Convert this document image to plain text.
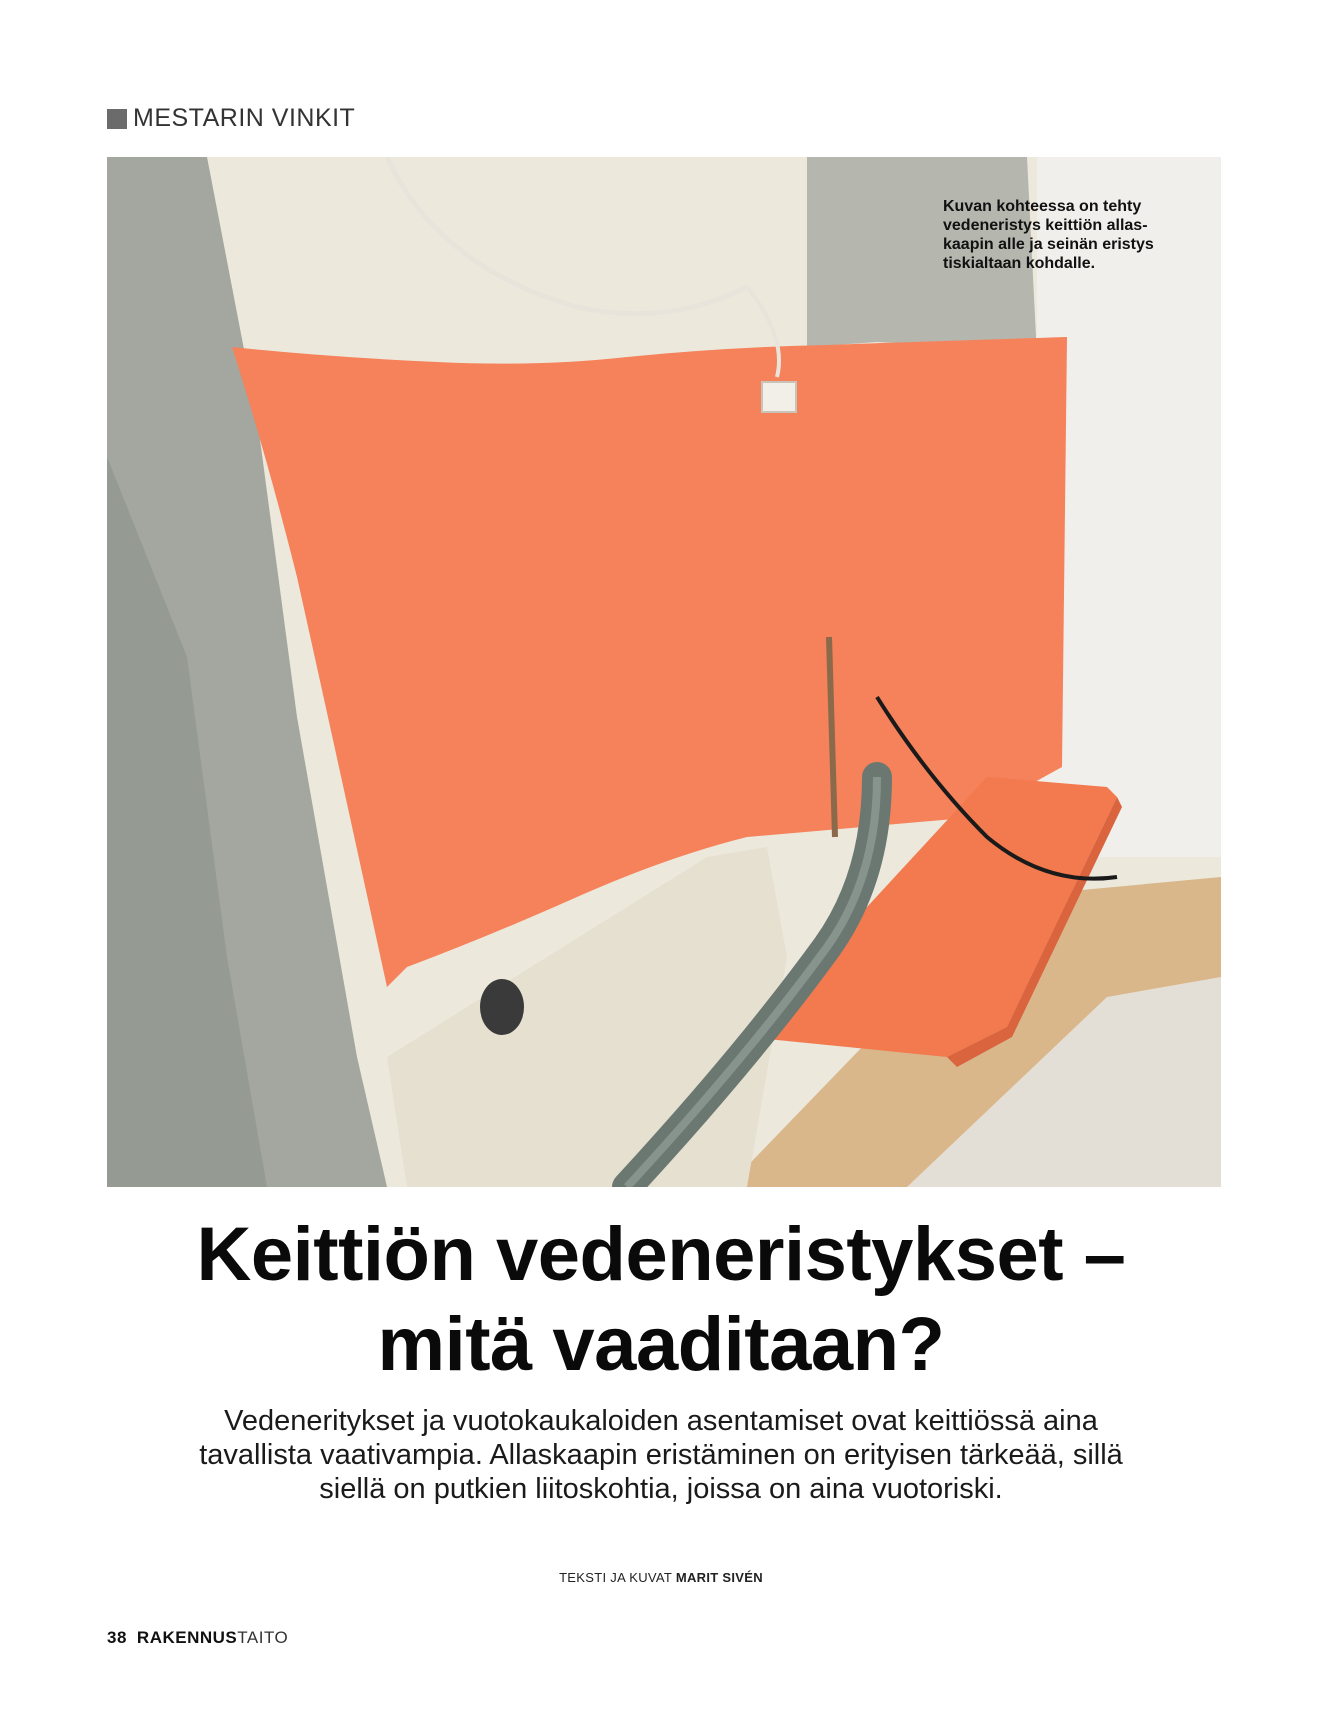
MESTARIN VINKIT
Kuvan kohteessa on tehty vedeneristys keittiön allas-kaapin alle ja seinän eristys tiskialtaan kohdalle.
Keittiön vedeneristykset –
mitä vaaditaan?
Vedeneritykset ja vuotokaukaloiden asentamiset ovat keittiössä aina tavallista vaativampia. Allaskaapin eristäminen on erityisen tärkeää, sillä siellä on putkien liitoskohtia, joissa on aina vuotoriski.
TEKSTI JA KUVAT MARIT SIVÉN
38 RAKENNUSTAITO
